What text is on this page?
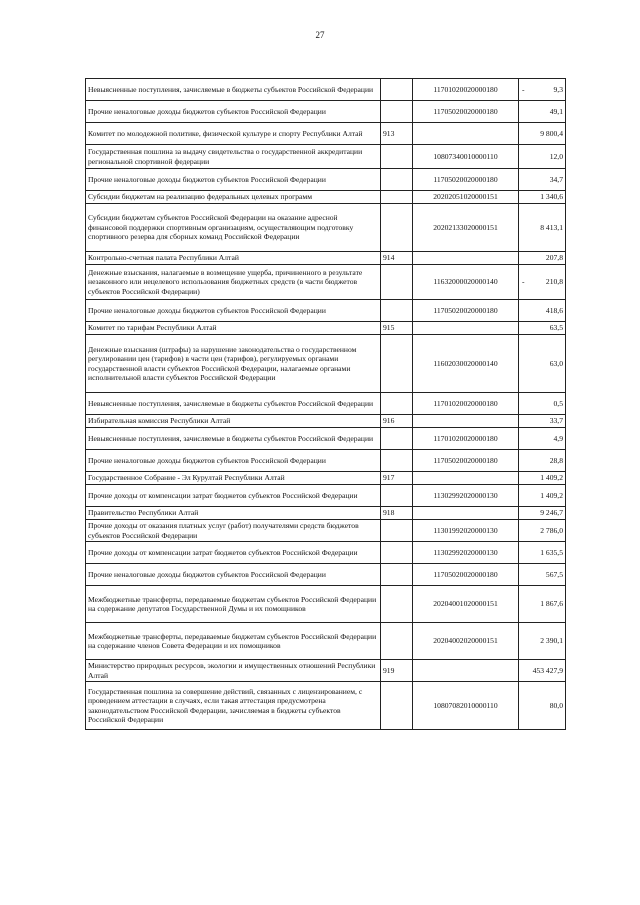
27
Невыясненные поступления, зачисляемые в бюджеты субъектов Российской Федерации		11701020020000180	- 9,3
Прочие неналоговые доходы бюджетов субъектов Российской Федерации		11705020020000180	49,1
Комитет по молодежной политике, физической культуре и спорту Республики Алтай	913		9 800,4
Государственная пошлина за выдачу свидетельства о государственной аккредитации региональной спортивной федерации		10807340010000110	12,0
Прочие неналоговые доходы бюджетов субъектов Российской Федерации		11705020020000180	34,7
Субсидии бюджетам на реализацию федеральных целевых программ		20202051020000151	1 340,6
Субсидии бюджетам субъектов Российской Федерации на оказание адресной финансовой поддержки спортивным организациям, осуществляющим подготовку спортивного резерва для сборных команд Российской Федерации		20202133020000151	8 413,1
Контрольно-счетная палата Республики Алтай	914		207,8
Денежные взыскания, налагаемые в возмещение ущерба, причиненного в результате незаконного или нецелевого использования бюджетных средств (в части бюджетов субъектов Российской Федерации)		11632000020000140	- 210,8
Прочие неналоговые доходы бюджетов субъектов Российской Федерации		11705020020000180	418,6
Комитет по тарифам Республики Алтай	915		63,5
Денежные взыскания (штрафы) за нарушение законодательства о государственном регулировании цен (тарифов) в части цен (тарифов), регулируемых органами государственной власти субъектов Российской Федерации, налагаемые органами исполнительной власти субъектов Российской Федерации		11602030020000140	63,0
Невыясненные поступления, зачисляемые в бюджеты субъектов Российской Федерации		11701020020000180	0,5
Избирательная комиссия Республики Алтай	916		33,7
Невыясненные поступления, зачисляемые в бюджеты субъектов Российской Федерации		11701020020000180	4,9
Прочие неналоговые доходы бюджетов субъектов Российской Федерации		11705020020000180	28,8
Государственное Собрание - Эл Курултай Республики Алтай	917		1 409,2
Прочие доходы от компенсации затрат бюджетов субъектов Российской Федерации		11302992020000130	1 409,2
Правительство Республики Алтай	918		9 246,7
Прочие доходы от оказания платных услуг (работ) получателями средств бюджетов субъектов Российской Федерации		11301992020000130	2 786,0
Прочие доходы от компенсации затрат бюджетов субъектов Российской Федерации		11302992020000130	1 635,5
Прочие неналоговые доходы бюджетов субъектов Российской Федерации		11705020020000180	567,5
Межбюджетные трансферты, передаваемые бюджетам субъектов Российской Федерации на содержание депутатов Государственной Думы и их помощников		20204001020000151	1 867,6
Межбюджетные трансферты, передаваемые бюджетам субъектов Российской Федерации на содержание членов Совета Федерации и их помощников		20204002020000151	2 390,1
Министерство природных ресурсов, экологии и имущественных отношений Республики Алтай	919		453 427,9
Государственная пошлина за совершение действий, связанных с лицензированием, с проведением аттестации в случаях, если такая аттестация предусмотрена законодательством Российской Федерации, зачисляемая в бюджеты субъектов Российской Федерации		10807082010000110	80,0
